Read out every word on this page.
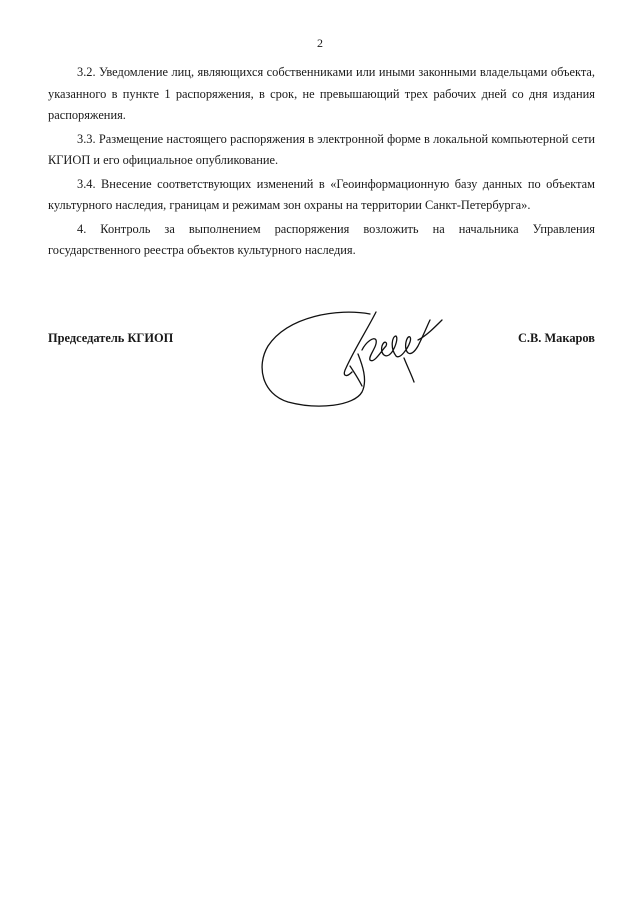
2

3.2. Уведомление лиц, являющихся собственниками или иными законными владельцами объекта, указанного в пункте 1 распоряжения, в срок, не превышающий трех рабочих дней со дня издания распоряжения.

3.3. Размещение настоящего распоряжения в электронной форме в локальной компьютерной сети КГИОП и его официальное опубликование.

3.4. Внесение соответствующих изменений в «Геоинформационную базу данных по объектам культурного наследия, границам и режимам зон охраны на территории Санкт-Петербурга».

4. Контроль за выполнением распоряжения возложить на начальника Управления государственного реестра объектов культурного наследия.

Председатель КГИОП	С.В. Макаров
